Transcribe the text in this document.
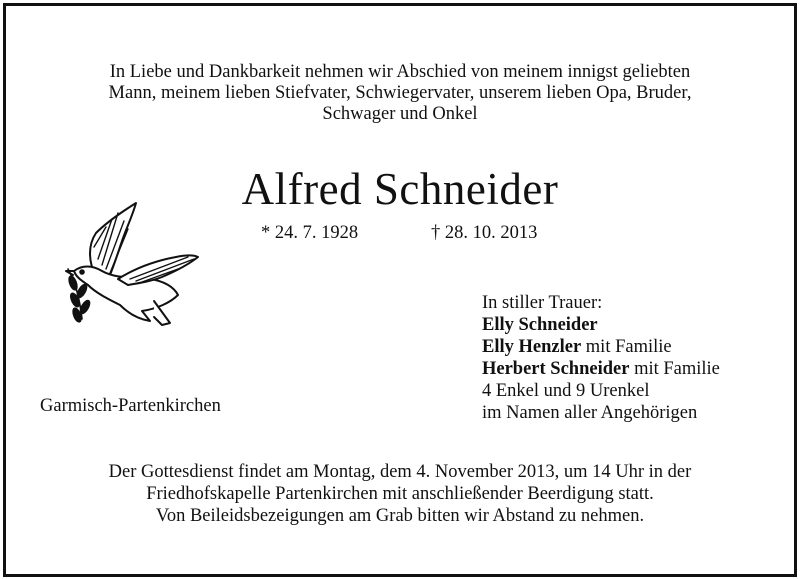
In Liebe und Dankbarkeit nehmen wir Abschied von meinem innigst geliebten
Mann, meinem lieben Stiefvater, Schwiegervater, unserem lieben Opa, Bruder,
Schwager und Onkel
Alfred Schneider
* 24. 7. 1928	† 28. 10. 2013
In stiller Trauer:
Elly Schneider
Elly Henzler mit Familie
Herbert Schneider mit Familie
4 Enkel und 9 Urenkel
im Namen aller Angehörigen
Garmisch-Partenkirchen
Der Gottesdienst findet am Montag, dem 4. November 2013, um 14 Uhr in der
Friedhofskapelle Partenkirchen mit anschließender Beerdigung statt.
Von Beileidsbezeigungen am Grab bitten wir Abstand zu nehmen.
